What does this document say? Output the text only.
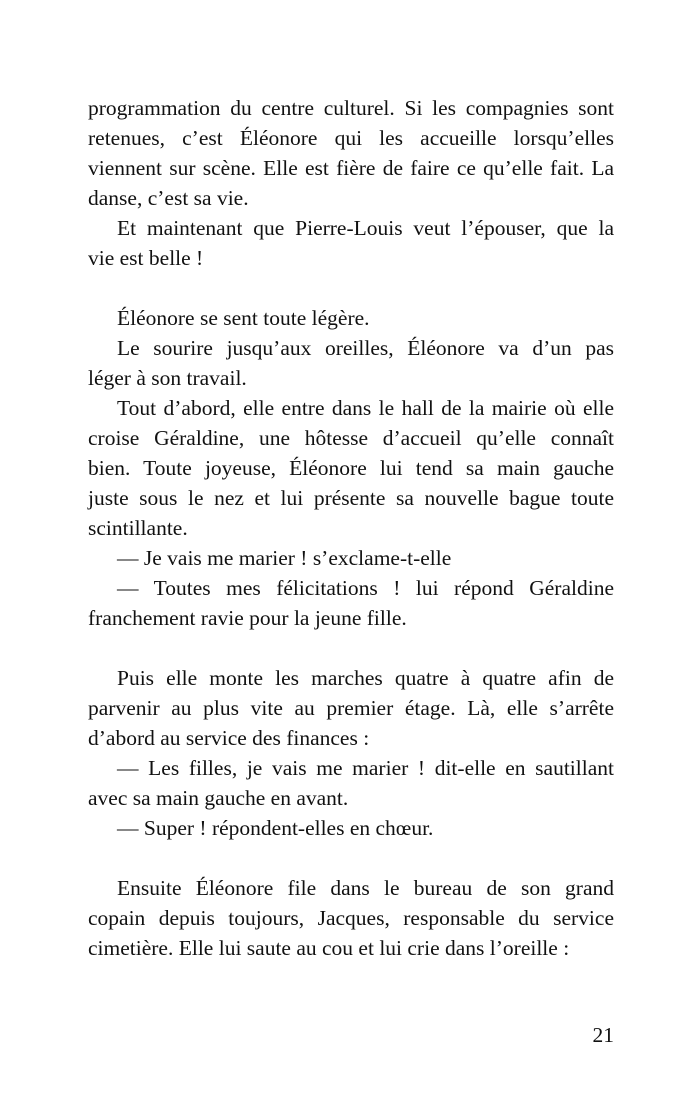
programmation du centre culturel. Si les compagnies sont
retenues, c’est Éléonore qui les accueille lorsqu’elles
viennent sur scène. Elle est fière de faire ce qu’elle fait. La
danse, c’est sa vie.
Et maintenant que Pierre-Louis veut l’épouser, que la
vie est belle !
Éléonore se sent toute légère.
Le sourire jusqu’aux oreilles, Éléonore va d’un pas
léger à son travail.
Tout d’abord, elle entre dans le hall de la mairie où elle
croise Géraldine, une hôtesse d’accueil qu’elle connaît
bien. Toute joyeuse, Éléonore lui tend sa main gauche
juste sous le nez et lui présente sa nouvelle bague toute
scintillante.
— Je vais me marier ! s’exclame-t-elle
— Toutes mes félicitations ! lui répond Géraldine
franchement ravie pour la jeune fille.
Puis elle monte les marches quatre à quatre afin de
parvenir au plus vite au premier étage. Là, elle s’arrête
d’abord au service des finances :
— Les filles, je vais me marier ! dit-elle en sautillant
avec sa main gauche en avant.
— Super ! répondent-elles en chœur.
Ensuite Éléonore file dans le bureau de son grand
copain depuis toujours, Jacques, responsable du service
cimetière. Elle lui saute au cou et lui crie dans l’oreille :
21
